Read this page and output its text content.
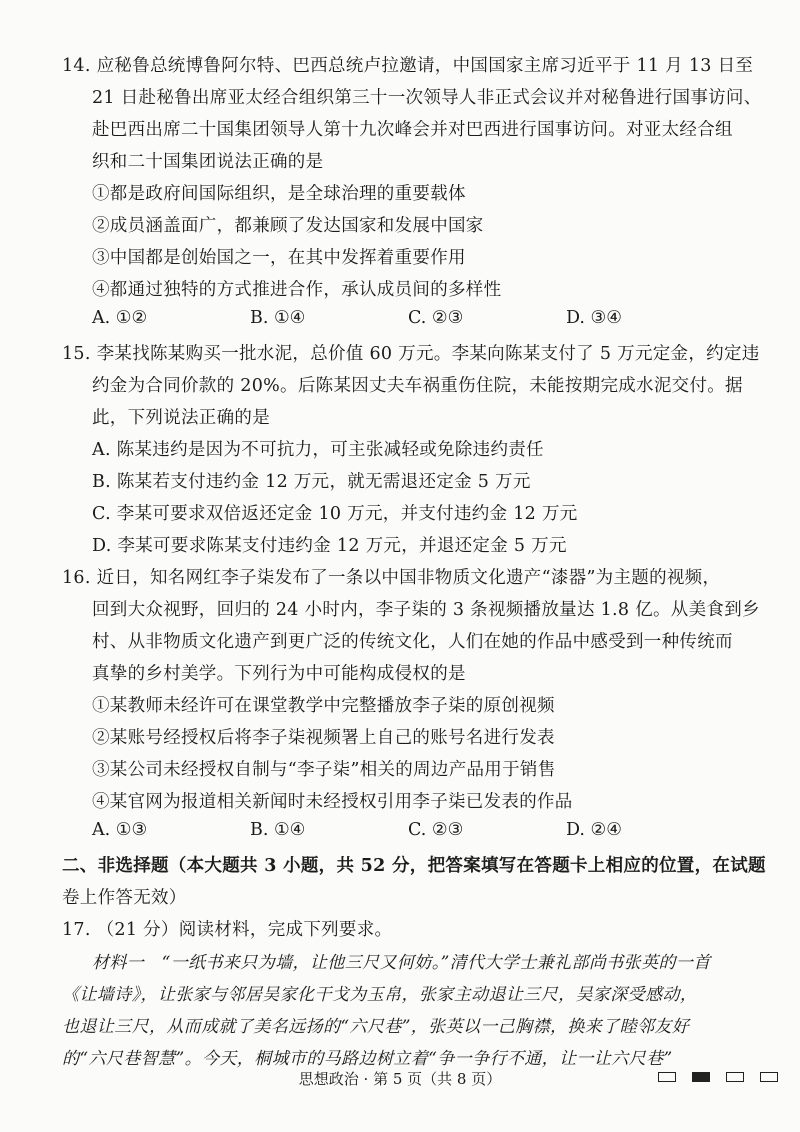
14. 应秘鲁总统博鲁阿尔特、巴西总统卢拉邀请，中国国家主席习近平于 11 月 13 日至
21 日赴秘鲁出席亚太经合组织第三十一次领导人非正式会议并对秘鲁进行国事访问、
赴巴西出席二十国集团领导人第十九次峰会并对巴西进行国事访问。对亚太经合组
织和二十国集团说法正确的是
①都是政府间国际组织，是全球治理的重要载体
②成员涵盖面广，都兼顾了发达国家和发展中国家
③中国都是创始国之一，在其中发挥着重要作用
④都通过独特的方式推进合作，承认成员间的多样性
A. ①②	B. ①④	C. ②③	D. ③④
15. 李某找陈某购买一批水泥，总价值 60 万元。李某向陈某支付了 5 万元定金，约定违
约金为合同价款的 20%。后陈某因丈夫车祸重伤住院，未能按期完成水泥交付。据
此，下列说法正确的是
A. 陈某违约是因为不可抗力，可主张减轻或免除违约责任
B. 陈某若支付违约金 12 万元，就无需退还定金 5 万元
C. 李某可要求双倍返还定金 10 万元，并支付违约金 12 万元
D. 李某可要求陈某支付违约金 12 万元，并退还定金 5 万元
16. 近日，知名网红李子柒发布了一条以中国非物质文化遗产“漆器”为主题的视频，
回到大众视野，回归的 24 小时内，李子柒的 3 条视频播放量达 1.8 亿。从美食到乡
村、从非物质文化遗产到更广泛的传统文化，人们在她的作品中感受到一种传统而
真挚的乡村美学。下列行为中可能构成侵权的是
①某教师未经许可在课堂教学中完整播放李子柒的原创视频
②某账号经授权后将李子柒视频署上自己的账号名进行发表
③某公司未经授权自制与“李子柒”相关的周边产品用于销售
④某官网为报道相关新闻时未经授权引用李子柒已发表的作品
A. ①③	B. ①④	C. ②③	D. ②④
二、非选择题（本大题共 3 小题，共 52 分，把答案填写在答题卡上相应的位置，在试题
卷上作答无效）
17. （21 分）阅读材料，完成下列要求。
材料一　“一纸书来只为墙，让他三尺又何妨。”清代大学士兼礼部尚书张英的一首
《让墙诗》，让张家与邻居吴家化干戈为玉帛，张家主动退让三尺，吴家深受感动，
也退让三尺，从而成就了美名远扬的“六尺巷”，张英以一己胸襟，换来了睦邻友好
的“六尺巷智慧”。今天，桐城市的马路边树立着“争一争行不通，让一让六尺巷”
思想政治 · 第 5 页（共 8 页）
